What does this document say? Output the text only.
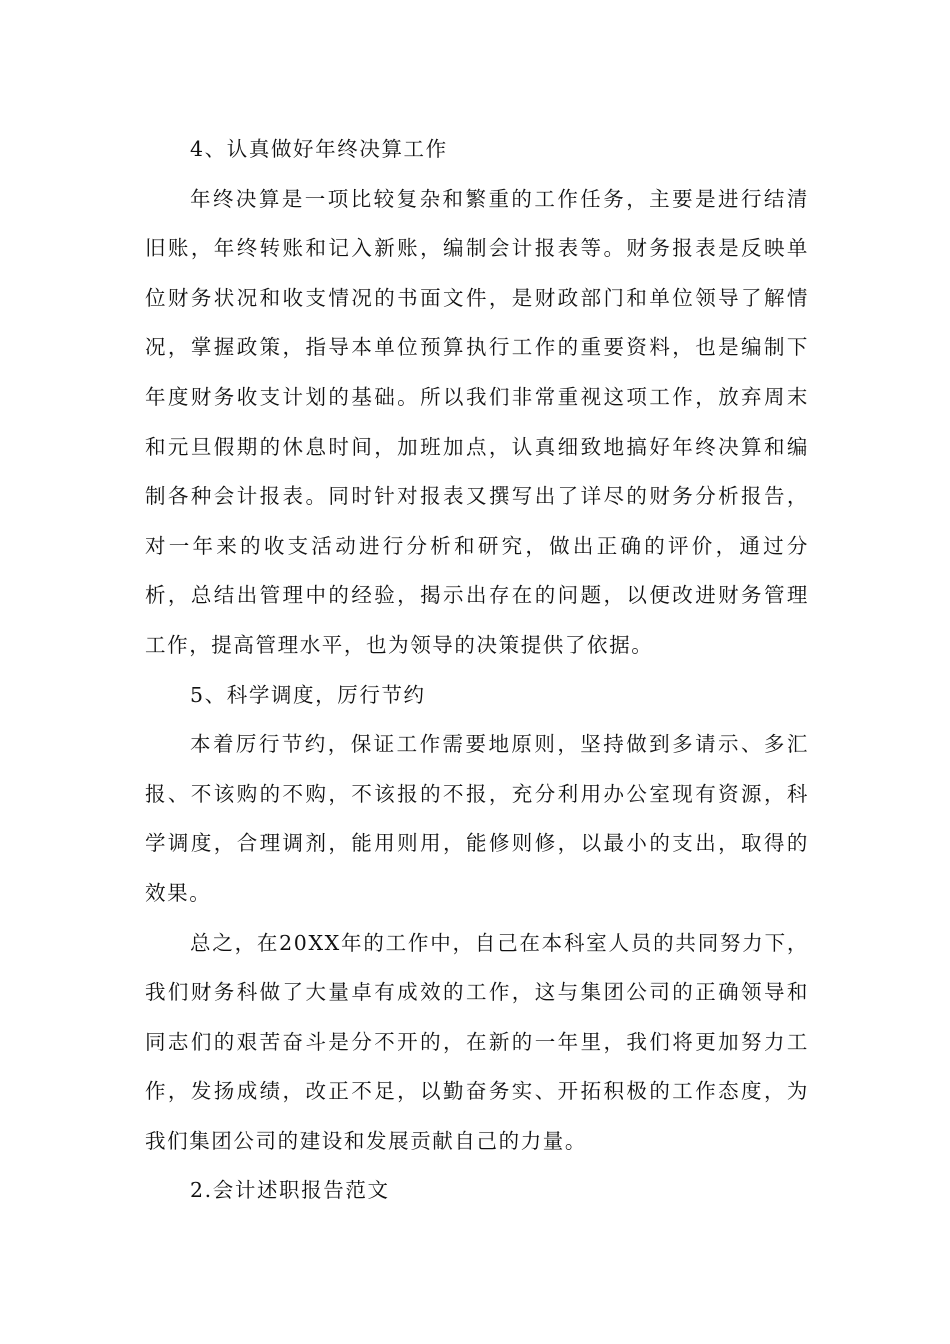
4、认真做好年终决算工作
年终决算是一项比较复杂和繁重的工作任务，主要是进行结清
旧账，年终转账和记入新账，编制会计报表等。财务报表是反映单
位财务状况和收支情况的书面文件，是财政部门和单位领导了解情
况，掌握政策，指导本单位预算执行工作的重要资料，也是编制下
年度财务收支计划的基础。所以我们非常重视这项工作，放弃周末
和元旦假期的休息时间，加班加点，认真细致地搞好年终决算和编
制各种会计报表。同时针对报表又撰写出了详尽的财务分析报告，
对一年来的收支活动进行分析和研究，做出正确的评价，通过分
析，总结出管理中的经验，揭示出存在的问题，以便改进财务管理
工作，提高管理水平，也为领导的决策提供了依据。
5、科学调度，厉行节约
本着厉行节约，保证工作需要地原则，坚持做到多请示、多汇
报、不该购的不购，不该报的不报，充分利用办公室现有资源，科
学调度，合理调剂，能用则用，能修则修，以最小的支出，取得的
效果。
总之，在20XX年的工作中，自己在本科室人员的共同努力下，
我们财务科做了大量卓有成效的工作，这与集团公司的正确领导和
同志们的艰苦奋斗是分不开的，在新的一年里，我们将更加努力工
作，发扬成绩，改正不足，以勤奋务实、开拓积极的工作态度，为
我们集团公司的建设和发展贡献自己的力量。
2.会计述职报告范文
